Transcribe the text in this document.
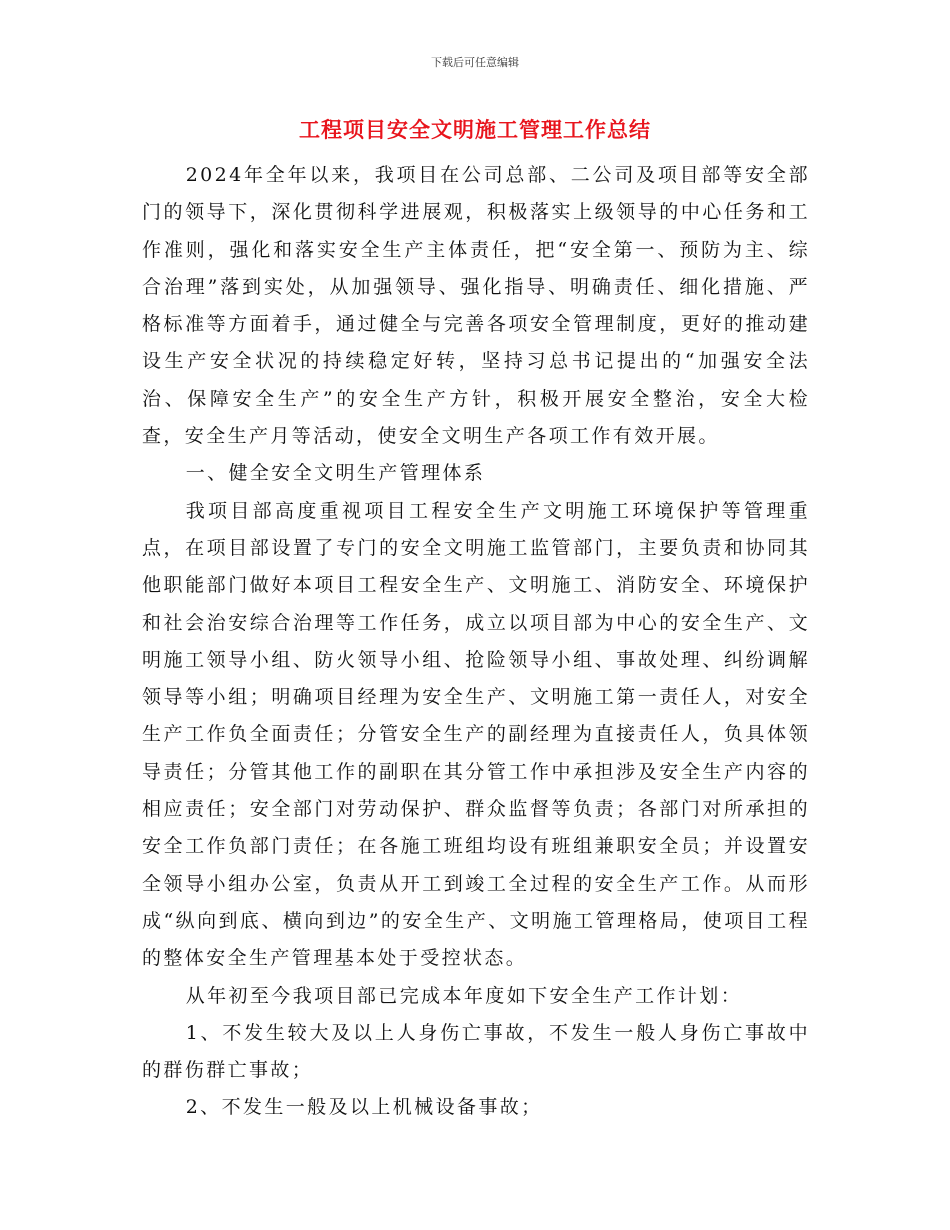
下载后可任意编辑
工程项目安全文明施工管理工作总结

2024年全年以来，我项目在公司总部、二公司及项目部等安全部门的领导下，深化贯彻科学进展观，积极落实上级领导的中心任务和工作准则，强化和落实安全生产主体责任，把“安全第一、预防为主、综合治理”落到实处，从加强领导、强化指导、明确责任、细化措施、严格标准等方面着手，通过健全与完善各项安全管理制度，更好的推动建设生产安全状况的持续稳定好转，坚持习总书记提出的“加强安全法治、保障安全生产”的安全生产方针，积极开展安全整治，安全大检查，安全生产月等活动，使安全文明生产各项工作有效开展。

一、健全安全文明生产管理体系

我项目部高度重视项目工程安全生产文明施工环境保护等管理重点，在项目部设置了专门的安全文明施工监管部门，主要负责和协同其他职能部门做好本项目工程安全生产、文明施工、消防安全、环境保护和社会治安综合治理等工作任务，成立以项目部为中心的安全生产、文明施工领导小组、防火领导小组、抢险领导小组、事故处理、纠纷调解领导等小组；明确项目经理为安全生产、文明施工第一责任人，对安全生产工作负全面责任；分管安全生产的副经理为直接责任人，负具体领导责任；分管其他工作的副职在其分管工作中承担涉及安全生产内容的相应责任；安全部门对劳动保护、群众监督等负责；各部门对所承担的安全工作负部门责任；在各施工班组均设有班组兼职安全员；并设置安全领导小组办公室，负责从开工到竣工全过程的安全生产工作。从而形成“纵向到底、横向到边”的安全生产、文明施工管理格局，使项目工程的整体安全生产管理基本处于受控状态。

从年初至今我项目部已完成本年度如下安全生产工作计划：

1、不发生较大及以上人身伤亡事故，不发生一般人身伤亡事故中的群伤群亡事故；

2、不发生一般及以上机械设备事故；
